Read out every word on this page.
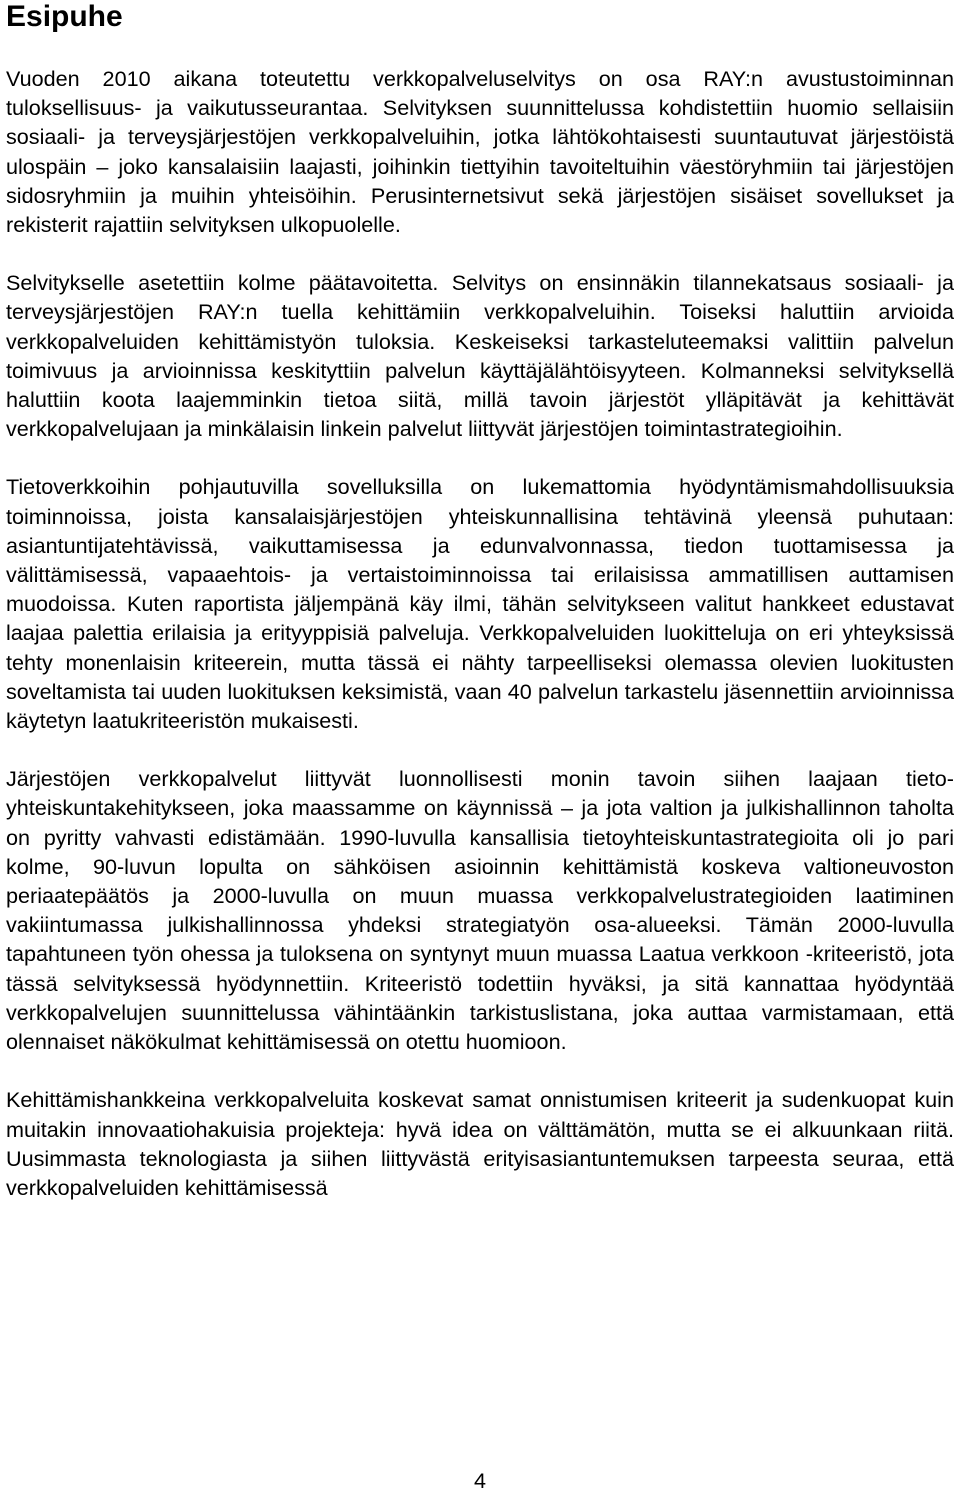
Esipuhe

Vuoden 2010 aikana toteutettu verkkopalveluselvitys on osa RAY:n avustustoiminnan tuloksellisuus- ja vaikutusseurantaa. Selvityksen suunnittelussa kohdistettiin huomio sellaisiin sosiaali- ja terveysjärjestöjen verkkopalveluihin, jotka lähtökohtaisesti suuntautuvat järjestöistä ulospäin – joko kansalaisiin laajasti, joihinkin tiettyihin tavoiteltuihin väestöryhmiin tai järjestöjen sidosryhmiin ja muihin yhteisöihin. Perusinternetsivut sekä järjestöjen sisäiset sovellukset ja rekisterit rajattiin selvityksen ulkopuolelle.

Selvitykselle asetettiin kolme päätavoitetta. Selvitys on ensinnäkin tilannekatsaus sosiaali- ja terveysjärjestöjen RAY:n tuella kehittämiin verkkopalveluihin. Toiseksi haluttiin arvioida verkkopalveluiden kehittämistyön tuloksia. Keskeiseksi tarkasteluteemaksi valittiin palvelun toimivuus ja arvioinnissa keskityttiin palvelun käyttäjälähtöisyyteen. Kolmanneksi selvityksellä haluttiin koota laajemminkin tietoa siitä, millä tavoin järjestöt ylläpitävät ja kehittävät verkkopalvelujaan ja minkälaisin linkein palvelut liittyvät järjestöjen toimintastrategioihin.

Tietoverkkoihin pohjautuvilla sovelluksilla on lukemattomia hyödyntämismahdollisuuksia toiminnoissa, joista kansalaisjärjestöjen yhteiskunnallisina tehtävinä yleensä puhutaan: asiantuntijatehtävissä, vaikuttamisessa ja edunvalvonnassa, tiedon tuottamisessa ja välittämisessä, vapaaehtois- ja vertaistoiminnoissa tai erilaisissa ammatillisen auttamisen muodoissa. Kuten raportista jäljempänä käy ilmi, tähän selvitykseen valitut hankkeet edustavat laajaa palettia erilaisia ja erityyppisiä palveluja. Verkkopalveluiden luokitteluja on eri yhteyksissä tehty monenlaisin kriteerein, mutta tässä ei nähty tarpeelliseksi olemassa olevien luokitusten soveltamista tai uuden luokituksen keksimistä, vaan 40 palvelun tarkastelu jäsennettiin arvioinnissa käytetyn laatukriteeristön mukaisesti.

Järjestöjen verkkopalvelut liittyvät luonnollisesti monin tavoin siihen laajaan tietoyhteiskuntakehitykseen, joka maassamme on käynnissä – ja jota valtion ja julkishallinnon taholta on pyritty vahvasti edistämään. 1990-luvulla kansallisia tietoyhteiskuntastrategioita oli jo pari kolme, 90-luvun lopulta on sähköisen asioinnin kehittämistä koskeva valtioneuvoston periaatepäätös ja 2000-luvulla on muun muassa verkkopalvelustrategioiden laatiminen vakiintumassa julkishallinnossa yhdeksi strategiatyön osa-alueeksi. Tämän 2000-luvulla tapahtuneen työn ohessa ja tuloksena on syntynyt muun muassa Laatua verkkoon -kriteeristö, jota tässä selvityksessä hyödynnettiin. Kriteeristö todettiin hyväksi, ja sitä kannattaa hyödyntää verkkopalvelujen suunnittelussa vähintäänkin tarkistuslistana, joka auttaa varmistamaan, että olennaiset näkökulmat kehittämisessä on otettu huomioon.

Kehittämishankkeina verkkopalveluita koskevat samat onnistumisen kriteerit ja sudenkuopat kuin muitakin innovaatiohakuisia projekteja: hyvä idea on välttämätön, mutta se ei alkuunkaan riitä. Uusimmasta teknologiasta ja siihen liittyvästä erityisasiantuntemuksen tarpeesta seuraa, että verkkopalveluiden kehittämisessä

4
